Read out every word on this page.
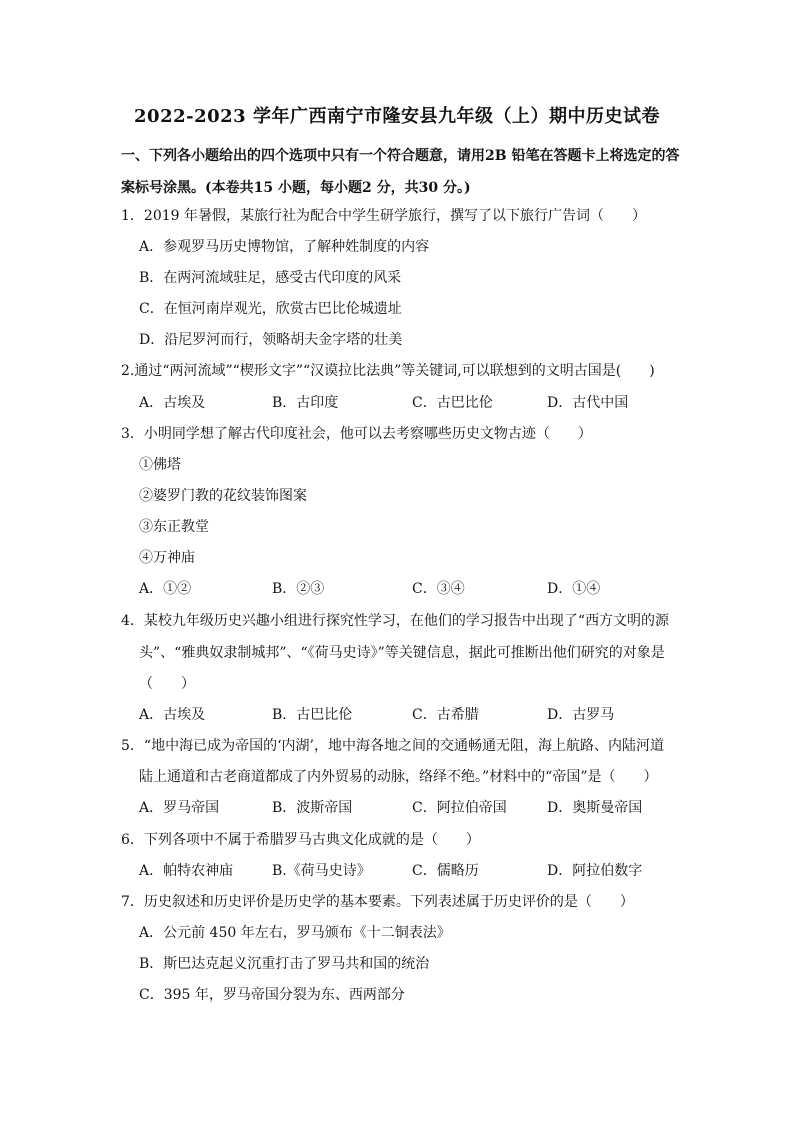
2022-2023 学年广西南宁市隆安县九年级（上）期中历史试卷
一、下列各小题给出的四个选项中只有一个符合题意，请用2B 铅笔在答题卡上将选定的答
案标号涂黑。(本卷共15 小题，每小题2 分，共30 分。)
1．2019 年暑假，某旅行社为配合中学生研学旅行，撰写了以下旅行广告词（　　）
A．参观罗马历史博物馆，了解种姓制度的内容
B．在两河流域驻足，感受古代印度的风采
C．在恒河南岸观光，欣赏古巴比伦城遗址
D．沿尼罗河而行，领略胡夫金字塔的壮美
2.通过“两河流域”“楔形文字”“汉谟拉比法典”等关键词,可以联想到的文明古国是(　　)
A．古埃及	B．古印度	C．古巴比伦	D．古代中国
3．小明同学想了解古代印度社会，他可以去考察哪些历史文物古迹（　　）
①佛塔
②婆罗门教的花纹装饰图案
③东正教堂
④万神庙
A．①②	B．②③	C．③④	D．①④
4．某校九年级历史兴趣小组进行探究性学习，在他们的学习报告中出现了“西方文明的源
头”、“雅典奴隶制城邦”、“《荷马史诗》”等关键信息，据此可推断出他们研究的对象是
（　　）
A．古埃及	B．古巴比伦	C．古希腊	D．古罗马
5．“地中海已成为帝国的‘内湖’，地中海各地之间的交通畅通无阻，海上航路、内陆河道
陆上通道和古老商道都成了内外贸易的动脉，络绎不绝。”材料中的“帝国”是（　　）
A．罗马帝国	B．波斯帝国	C．阿拉伯帝国	D．奥斯曼帝国
6．下列各项中不属于希腊罗马古典文化成就的是（　　）
A．帕特农神庙	B.《荷马史诗》	C．儒略历	D．阿拉伯数字
7．历史叙述和历史评价是历史学的基本要素。下列表述属于历史评价的是（　　）
A．公元前 450 年左右，罗马颁布《十二铜表法》
B．斯巴达克起义沉重打击了罗马共和国的统治
C．395 年，罗马帝国分裂为东、西两部分
